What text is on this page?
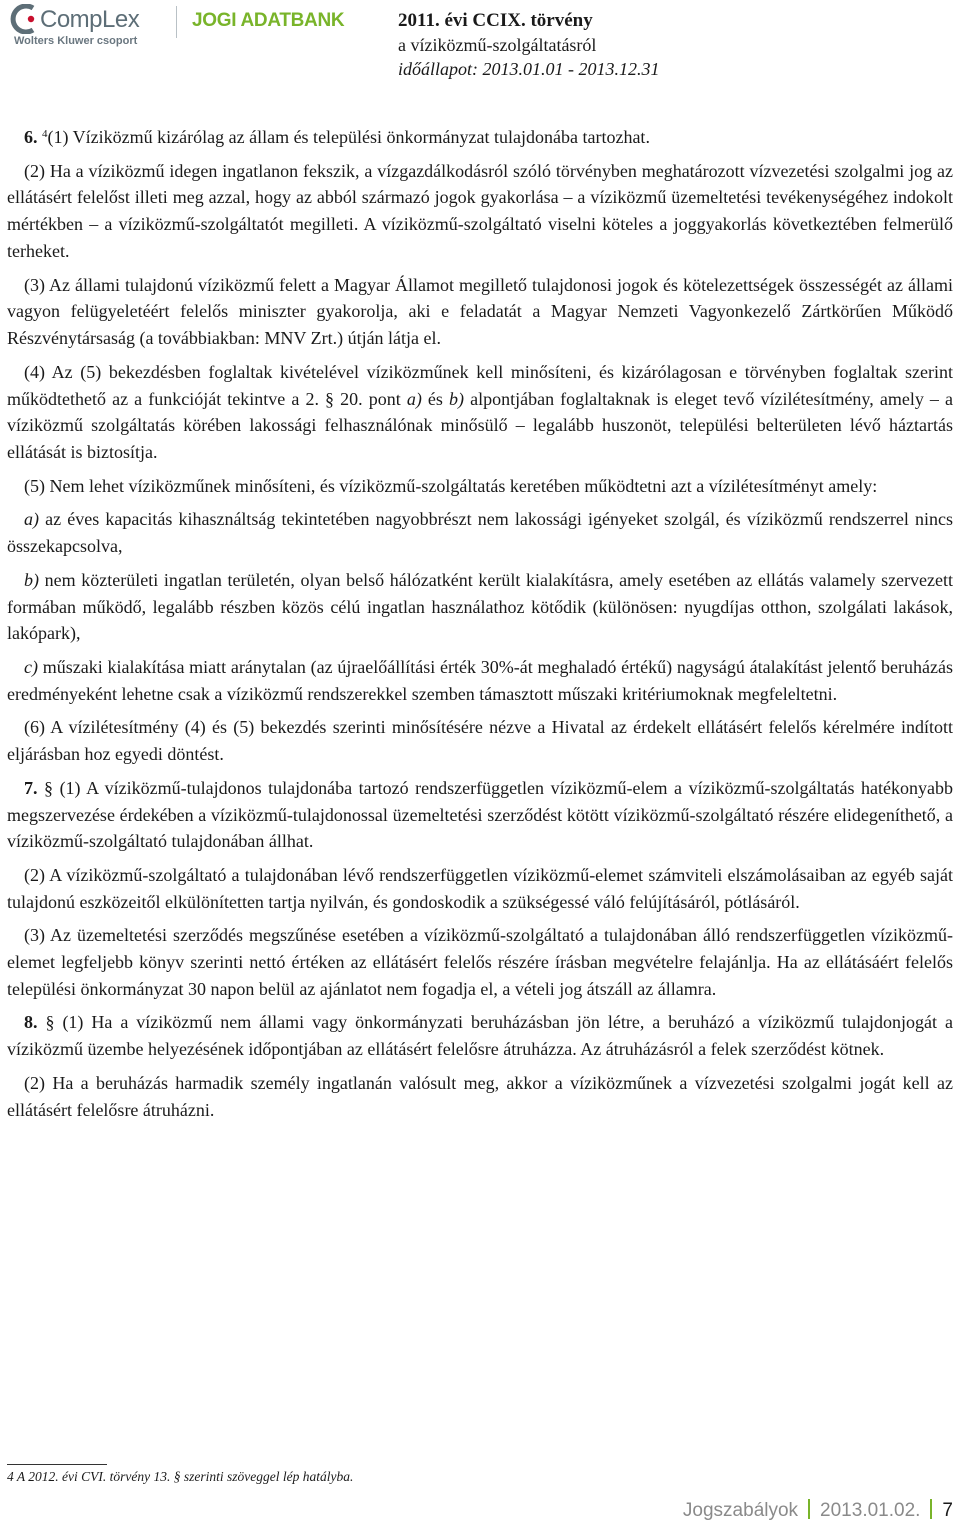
CompLex
Wolters Kluwer csoport
JOGI ADATBANK	2011. évi CCIX. törvény
a víziközmű-szolgáltatásról
időállapot: 2013.01.01 - 2013.12.31

6. $^4$(1) Víziközmű kizárólag az állam és települési önkormányzat tulajdonába tartozhat.

(2) Ha a víziközmű idegen ingatlanon fekszik, a vízgazdálkodásról szóló törvényben meghatározott vízvezetési szolgalmi jog az ellátásért felelőst illeti meg azzal, hogy az abból származó jogok gyakorlása – a víziközmű üzemeltetési tevékenységéhez indokolt mértékben – a víziközmű-szolgáltatót megilleti. A víziközmű-szolgáltató viselni köteles a joggyakorlás következtében felmerülő terheket.

(3) Az állami tulajdonú víziközmű felett a Magyar Államot megillető tulajdonosi jogok és kötelezettségek összességét az állami vagyon felügyeletéért felelős miniszter gyakorolja, aki e feladatát a Magyar Nemzeti Vagyonkezelő Zártkörűen Működő Részvénytársaság (a továbbiakban: MNV Zrt.) útján látja el.

(4) Az (5) bekezdésben foglaltak kivételével víziközműnek kell minősíteni, és kizárólagosan e törvényben foglaltak szerint működtethető az a funkcióját tekintve a 2. § 20. pont a) és b) alpontjában foglaltaknak is eleget tevő vízilétesítmény, amely – a víziközmű szolgáltatás körében lakossági felhasználónak minősülő – legalább huszonöt, települési belterületen lévő háztartás ellátását is biztosítja.

(5) Nem lehet víziközműnek minősíteni, és víziközmű-szolgáltatás keretében működtetni azt a vízilétesítményt amely:

a) az éves kapacitás kihasználtság tekintetében nagyobbrészt nem lakossági igényeket szolgál, és víziközmű rendszerrel nincs összekapcsolva,

b) nem közterületi ingatlan területén, olyan belső hálózatként került kialakításra, amely esetében az ellátás valamely szervezett formában működő, legalább részben közös célú ingatlan használathoz kötődik (különösen: nyugdíjas otthon, szolgálati lakások, lakópark),

c) műszaki kialakítása miatt aránytalan (az újraelőállítási érték 30%-át meghaladó értékű) nagyságú átalakítást jelentő beruházás eredményeként lehetne csak a víziközmű rendszerekkel szemben támasztott műszaki kritériumoknak megfeleltetni.

(6) A vízilétesítmény (4) és (5) bekezdés szerinti minősítésére nézve a Hivatal az érdekelt ellátásért felelős kérelmére indított eljárásban hoz egyedi döntést.

7. § (1) A víziközmű-tulajdonos tulajdonába tartozó rendszerfüggetlen víziközmű-elem a víziközmű-szolgáltatás hatékonyabb megszervezése érdekében a víziközmű-tulajdonossal üzemeltetési szerződést kötött víziközmű-szolgáltató részére elidegeníthető, a víziközmű-szolgáltató tulajdonában állhat.

(2) A víziközmű-szolgáltató a tulajdonában lévő rendszerfüggetlen víziközmű-elemet számviteli elszámolásaiban az egyéb saját tulajdonú eszközeitől elkülönítetten tartja nyilván, és gondoskodik a szükségessé váló felújításáról, pótlásáról.

(3) Az üzemeltetési szerződés megszűnése esetében a víziközmű-szolgáltató a tulajdonában álló rendszerfüggetlen víziközmű-elemet legfeljebb könyv szerinti nettó értéken az ellátásért felelős részére írásban megvételre felajánlja. Ha az ellátásáért felelős települési önkormányzat 30 napon belül az ajánlatot nem fogadja el, a vételi jog átszáll az államra.

8. § (1) Ha a víziközmű nem állami vagy önkormányzati beruházásban jön létre, a beruházó a víziközmű tulajdonjogát a víziközmű üzembe helyezésének időpontjában az ellátásért felelősre átruházza. Az átruházásról a felek szerződést kötnek.

(2) Ha a beruházás harmadik személy ingatlanán valósult meg, akkor a víziközműnek a vízvezetési szolgalmi jogát kell az ellátásért felelősre átruházni.

4 A 2012. évi CVI. törvény 13. § szerinti szöveggel lép hatályba.
Jogszabályok 2013.01.02. 7
